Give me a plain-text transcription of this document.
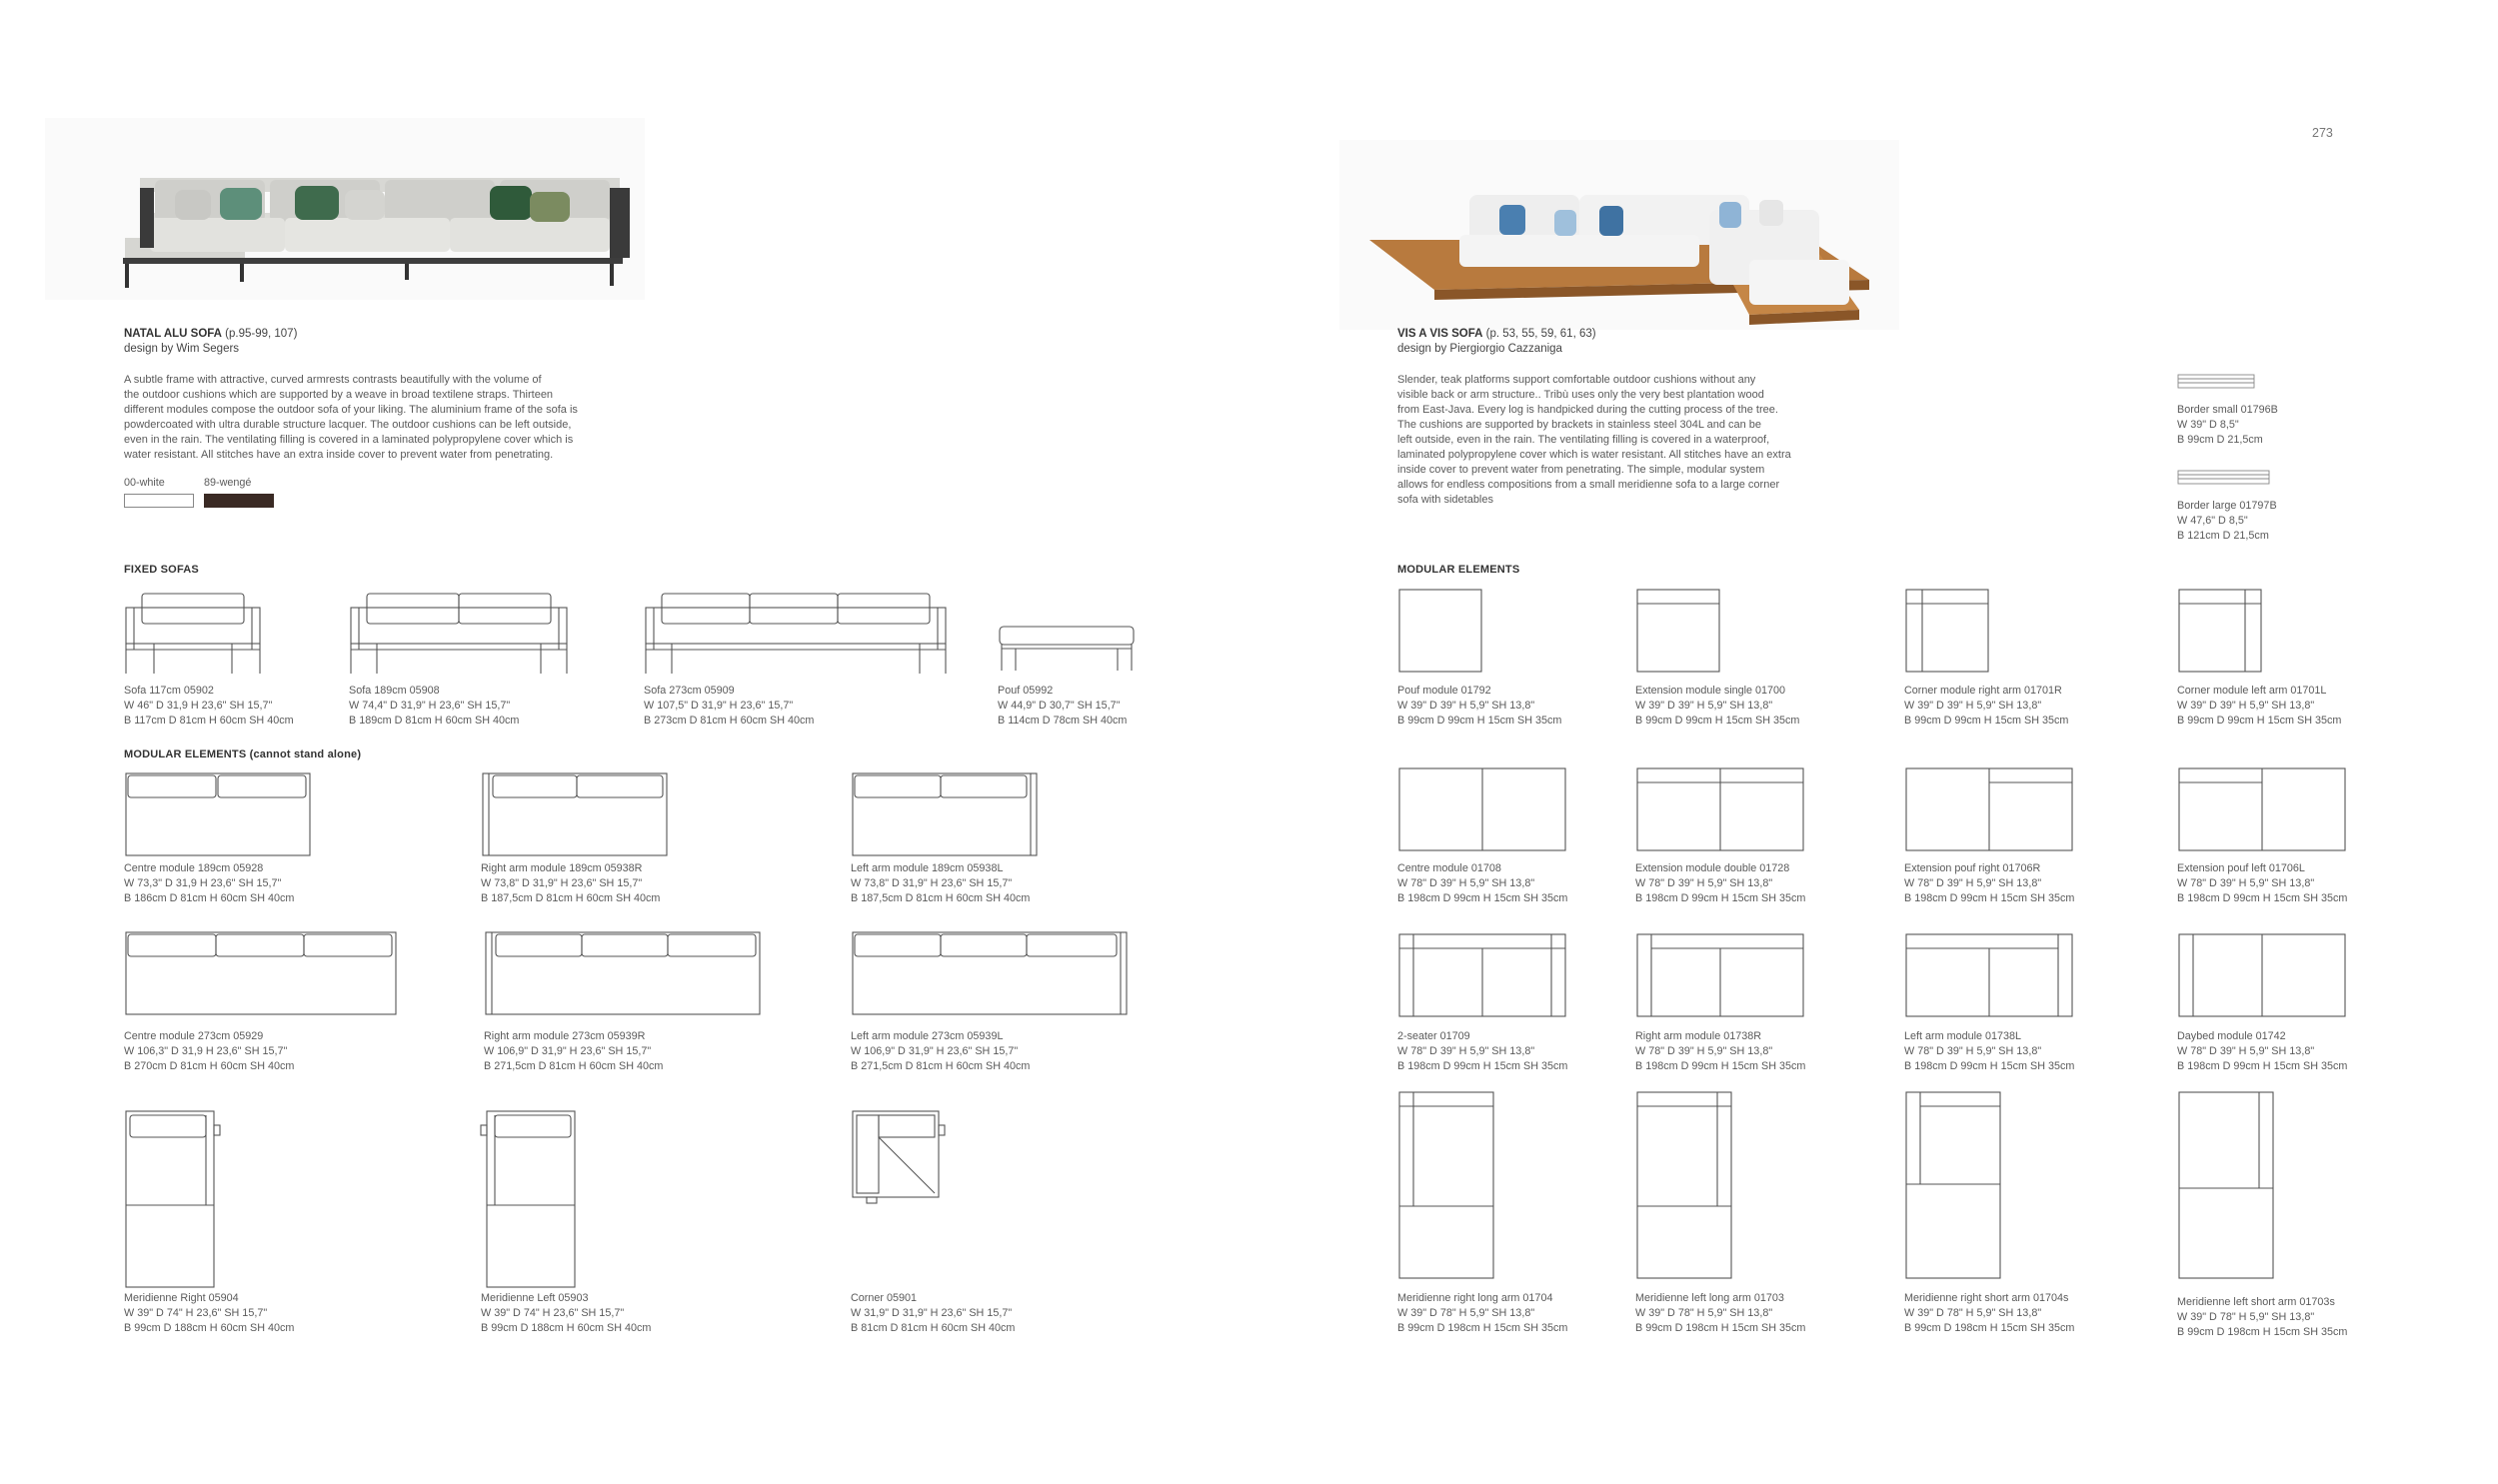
NATAL ALU SOFA (p.95-99, 107)
design by Wim Segers
A subtle frame with attractive, curved armrests contrasts beautifully with the volume of
the outdoor cushions which are supported by a weave in broad textilene straps. Thirteen
different modules compose the outdoor sofa of your liking. The aluminium frame of the sofa is
powdercoated with ultra durable structure lacquer. The outdoor cushions can be left outside,
even in the rain. The ventilating filling is covered in a laminated polypropylene cover which is
water resistant. All stitches have an extra inside cover to prevent water from penetrating.
00-white	89-wengé
FIXED SOFAS
Sofa 117cm 05902
W 46" D 31,9 H 23,6" SH 15,7"
B 117cm D 81cm H 60cm SH 40cm
Sofa 189cm 05908
W 74,4" D 31,9" H 23,6" SH 15,7"
B 189cm D 81cm H 60cm SH 40cm
Sofa 273cm 05909
W 107,5" D 31,9" H 23,6" 15,7"
B 273cm D 81cm H 60cm SH 40cm
Pouf 05992
W 44,9" D 30,7" SH 15,7"
B 114cm D 78cm SH 40cm
MODULAR ELEMENTS (cannot stand alone)
Centre module 189cm 05928
W 73,3" D 31,9 H 23,6" SH 15,7"
B 186cm D 81cm H 60cm SH 40cm
Right arm module 189cm 05938R
W 73,8" D 31,9" H 23,6" SH 15,7"
B 187,5cm D 81cm H 60cm SH 40cm
Left arm module 189cm 05938L
W 73,8" D 31,9" H 23,6" SH 15,7"
B 187,5cm D 81cm H 60cm SH 40cm
Centre module 273cm 05929
W 106,3" D 31,9 H 23,6" SH 15,7"
B 270cm D 81cm H 60cm SH 40cm
Right arm module 273cm 05939R
W 106,9" D 31,9" H 23,6" SH 15,7"
B 271,5cm D 81cm H 60cm SH 40cm
Left arm module 273cm 05939L
W 106,9" D 31,9" H 23,6" SH 15,7"
B 271,5cm D 81cm H 60cm SH 40cm
Meridienne Right 05904
W 39" D 74" H 23,6" SH 15,7"
B 99cm D 188cm H 60cm SH 40cm
Meridienne Left 05903
W 39" D 74" H 23,6" SH 15,7"
B 99cm D 188cm H 60cm SH 40cm
Corner 05901
W 31,9" D 31,9" H 23,6" SH 15,7"
B 81cm D 81cm H 60cm SH 40cm
273
VIS A VIS SOFA (p. 53, 55, 59, 61, 63)
design by Piergiorgio Cazzaniga
Slender, teak platforms support comfortable outdoor cushions without any
visible back or arm structure.. Tribù uses only the very best plantation wood
from East-Java. Every log is handpicked during the cutting process of the tree.
The cushions are supported by brackets in stainless steel 304L and can be
left outside, even in the rain. The ventilating filling is covered in a waterproof,
laminated polypropylene cover which is water resistant. All stitches have an extra
inside cover to prevent water from penetrating. The simple, modular system
allows for endless compositions from a small meridienne sofa to a large corner
sofa with sidetables
Border small 01796B
W 39" D 8,5"
B 99cm D 21,5cm
Border large 01797B
W 47,6" D 8,5"
B 121cm D 21,5cm
MODULAR ELEMENTS
Pouf module 01792
W 39" D 39" H 5,9" SH 13,8"
B 99cm D 99cm H 15cm SH 35cm
Extension module single 01700
W 39" D 39" H 5,9" SH 13,8"
B 99cm D 99cm H 15cm SH 35cm
Corner module right arm 01701R
W 39" D 39" H 5,9" SH 13,8"
B 99cm D 99cm H 15cm SH 35cm
Corner module left arm 01701L
W 39" D 39" H 5,9" SH 13,8"
B 99cm D 99cm H 15cm SH 35cm
Centre module 01708
W 78" D 39" H 5,9" SH 13,8"
B 198cm D 99cm H 15cm SH 35cm
Extension module double 01728
W 78" D 39" H 5,9" SH 13,8"
B 198cm D 99cm H 15cm SH 35cm
Extension pouf right 01706R
W 78" D 39" H 5,9" SH 13,8"
B 198cm D 99cm H 15cm SH 35cm
Extension pouf left 01706L
W 78" D 39" H 5,9" SH 13,8"
B 198cm D 99cm H 15cm SH 35cm
2-seater 01709
W 78" D 39" H 5,9" SH 13,8"
B 198cm D 99cm H 15cm SH 35cm
Right arm module 01738R
W 78" D 39" H 5,9" SH 13,8"
B 198cm D 99cm H 15cm SH 35cm
Left arm module 01738L
W 78" D 39" H 5,9" SH 13,8"
B 198cm D 99cm H 15cm SH 35cm
Daybed module 01742
W 78" D 39" H 5,9" SH 13,8"
B 198cm D 99cm H 15cm SH 35cm
Meridienne right long arm 01704
W 39" D 78" H 5,9" SH 13,8"
B 99cm D 198cm H 15cm SH 35cm
Meridienne left long arm 01703
W 39" D 78" H 5,9" SH 13,8"
B 99cm D 198cm H 15cm SH 35cm
Meridienne right short arm 01704s
W 39" D 78" H 5,9" SH 13,8"
B 99cm D 198cm H 15cm SH 35cm
Meridienne left short arm 01703s
W 39" D 78" H 5,9" SH 13,8"
B 99cm D 198cm H 15cm SH 35cm
